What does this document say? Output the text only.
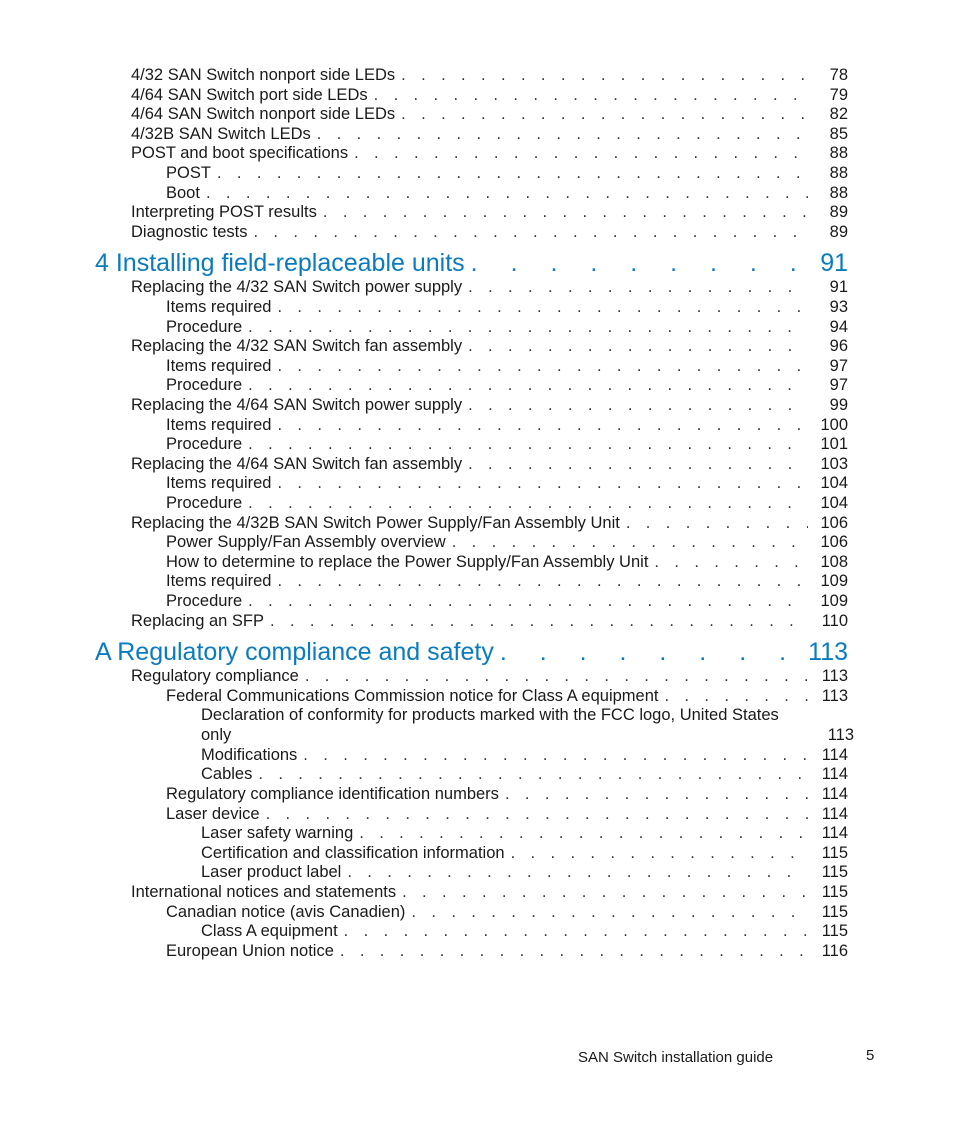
4/32 SAN Switch nonport side LEDs . . .	78
4/64 SAN Switch port side LEDs . . .	79
4/64 SAN Switch nonport side LEDs . . .	82
4/32B SAN Switch LEDs . . .	85
POST and boot specifications . . .	88
POST . . .	88
Boot . . .	88
Interpreting POST results . . .	89
Diagnostic tests . . .	89
4 Installing field-replaceable units . . .	91
Replacing the 4/32 SAN Switch power supply . . .	91
Items required . . .	93
Procedure . . .	94
Replacing the 4/32 SAN Switch fan assembly . . .	96
Items required . . .	97
Procedure . . .	97
Replacing the 4/64 SAN Switch power supply . . .	99
Items required . . .	100
Procedure . . .	101
Replacing the 4/64 SAN Switch fan assembly . . .	103
Items required . . .	104
Procedure . . .	104
Replacing the 4/32B SAN Switch Power Supply/Fan Assembly Unit . . .	106
Power Supply/Fan Assembly overview . . .	106
How to determine to replace the Power Supply/Fan Assembly Unit . . .	108
Items required . . .	109
Procedure . . .	109
Replacing an SFP . . .	110
A Regulatory compliance and safety . . .	113
Regulatory compliance . . .	113
Federal Communications Commission notice for Class A equipment . . .	113
Declaration of conformity for products marked with the FCC logo, United States only	113
Modifications . . .	114
Cables . . .	114
Regulatory compliance identification numbers . . .	114
Laser device . . .	114
Laser safety warning . . .	114
Certification and classification information . . .	115
Laser product label . . .	115
International notices and statements . . .	115
Canadian notice (avis Canadien) . . .	115
Class A equipment . . .	115
European Union notice . . .	116
SAN Switch installation guide	5
